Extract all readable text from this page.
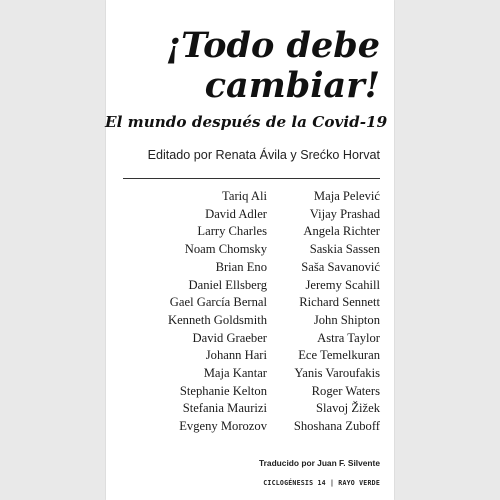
¡Todo debe
cambiar!
El mundo después de la Covid-19
Editado por Renata Ávila y Srećko Horvat
Tariq Ali
David Adler
Larry Charles
Noam Chomsky
Brian Eno
Daniel Ellsberg
Gael García Bernal
Kenneth Goldsmith
David Graeber
Johann Hari
Maja Kantar
Stephanie Kelton
Stefania Maurizi
Evgeny Morozov
Maja Pelević
Vijay Prashad
Angela Richter
Saskia Sassen
Saša Savanović
Jeremy Scahill
Richard Sennett
John Shipton
Astra Taylor
Ece Temelkuran
Yanis Varoufakis
Roger Waters
Slavoj Žižek
Shoshana Zuboff
Traducido por Juan F. Silvente
CICLOGÉNESIS 14 | RAYO VERDE
